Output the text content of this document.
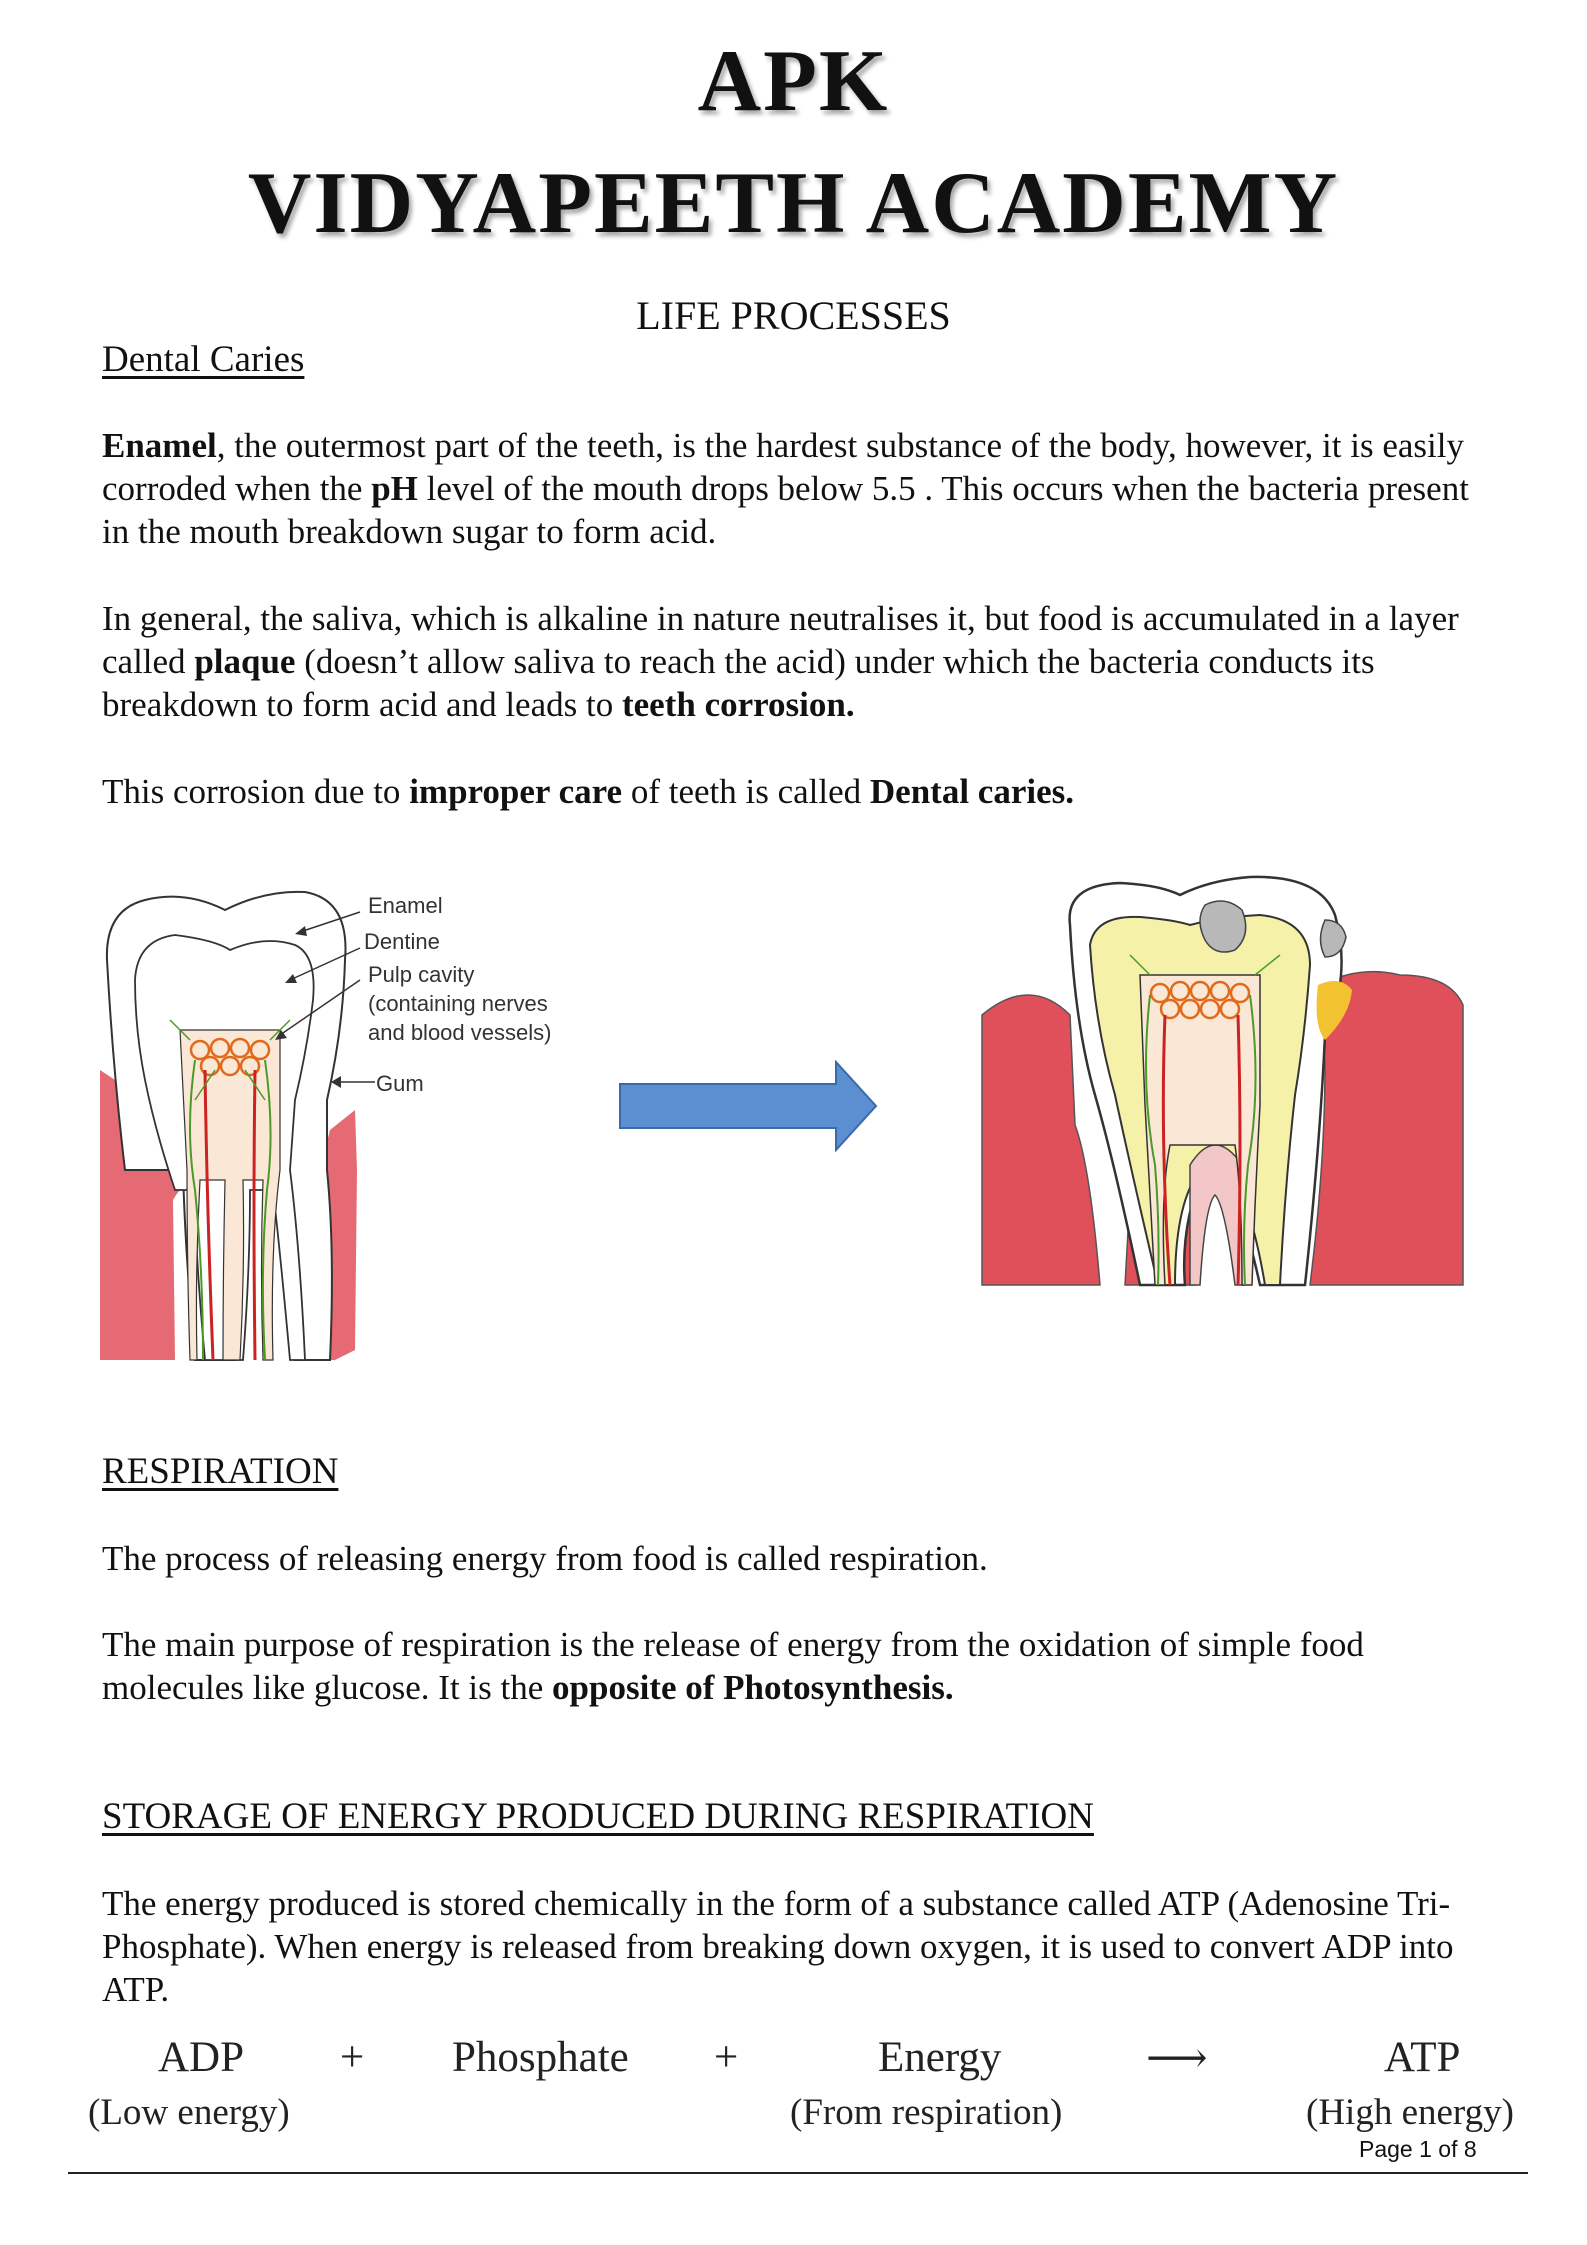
APK
VIDYAPEETH ACADEMY
LIFE PROCESSES
Dental Caries
Enamel, the outermost part of the teeth, is the hardest substance of the body, however, it is easily corroded when the pH level of the mouth drops below 5.5 . This occurs when the bacteria present in the mouth breakdown sugar to form acid.
In general, the saliva, which is alkaline in nature neutralises it, but food is accumulated in a layer called plaque (doesn’t allow saliva to reach the acid) under which the bacteria conducts its breakdown to form acid and leads to teeth corrosion.
This corrosion due to improper care of teeth is called Dental caries.
Enamel
Dentine
Pulp cavity
(containing nerves
and blood vessels)
Gum
RESPIRATION
The process of releasing energy from food is called respiration.
The main purpose of respiration is the release of energy from the oxidation of simple food molecules like glucose. It is the opposite of Photosynthesis.
STORAGE OF ENERGY PRODUCED DURING RESPIRATION
The energy produced is stored chemically in the form of a substance called ATP (Adenosine Tri-Phosphate). When energy is released from breaking down oxygen, it is used to convert ADP into ATP.
ADP + Phosphate +	Energy	⟶	ATP
(Low energy)	(From respiration)	(High energy)
Page 1 of 8
